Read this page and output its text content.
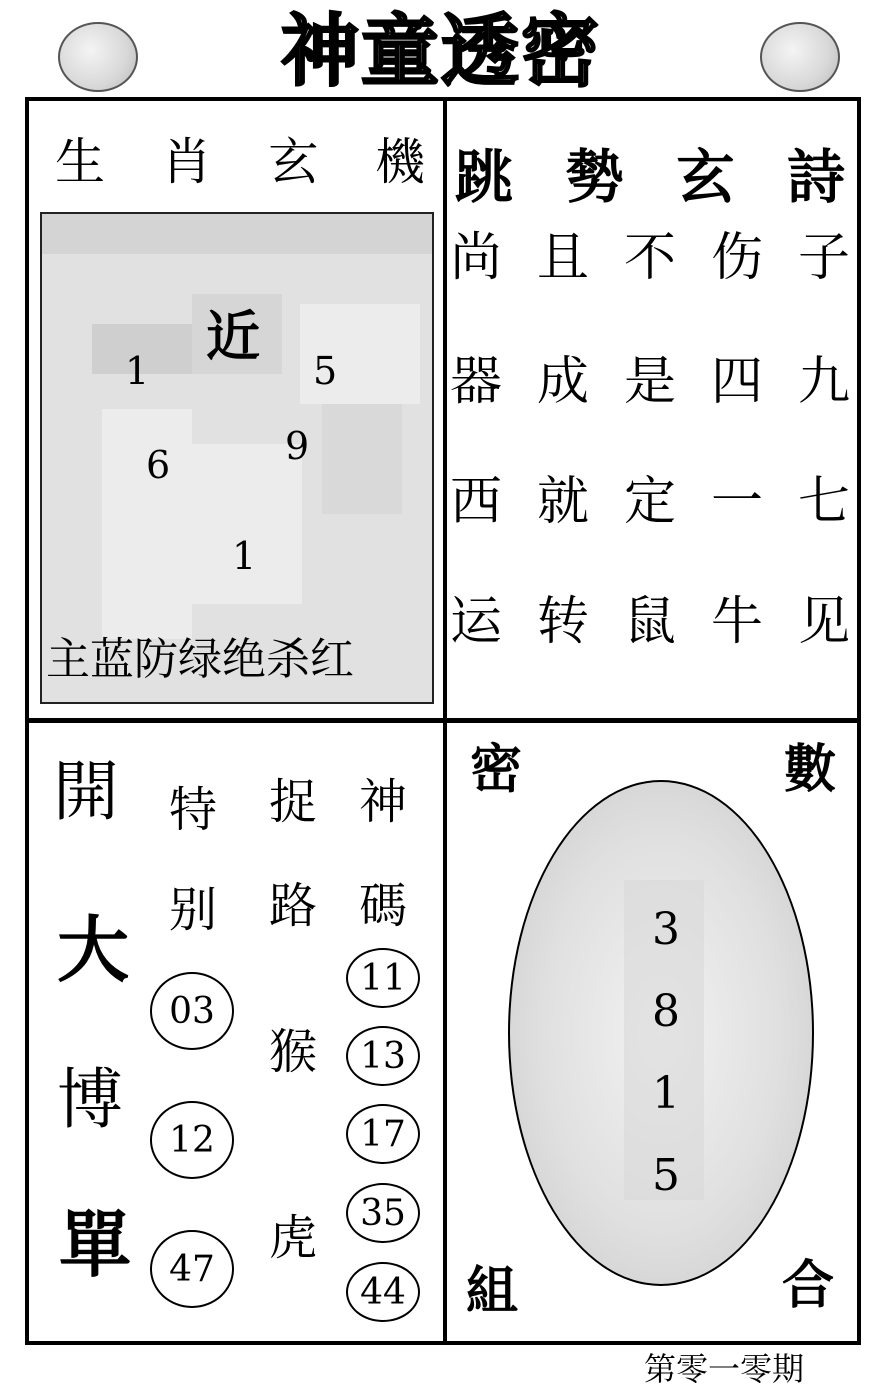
神童透密
生 肖 玄 機
近
1	5
6	9
1
主蓝防绿绝杀红
跳 勢 玄 詩
尚 且 不 伤 子
器 成 是 四 九
西 就 定 一 七
运 转 鼠 牛 见
開
大
博
單
特
别
03
12
47
捉
路
猴
虎
神
碼
11
13
17
35
44
密	數
組	合
3
8
1
5
第零一零期
